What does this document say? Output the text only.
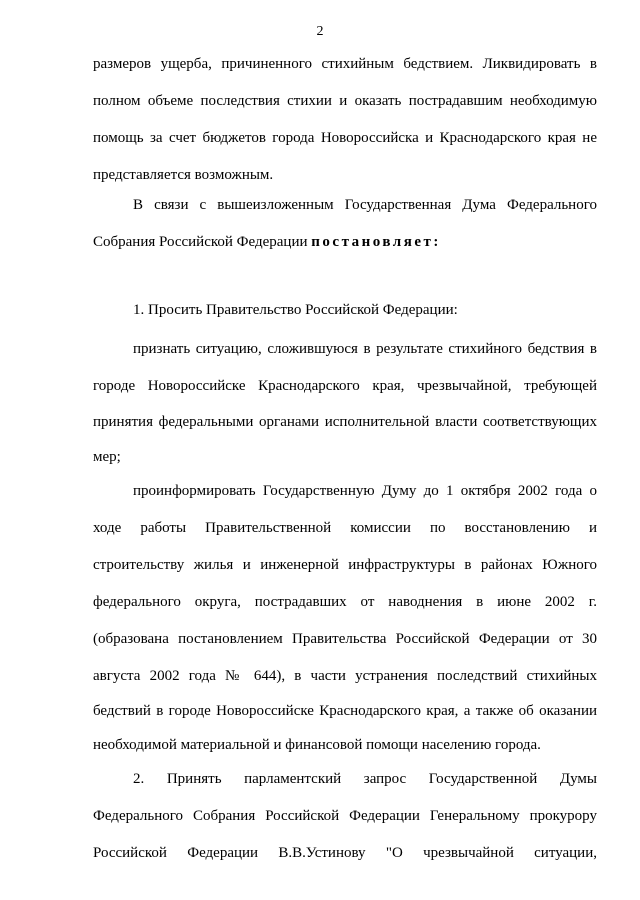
2
размеров ущерба, причиненного стихийным бедствием. Ликвидировать в
полном объеме последствия стихии и оказать пострадавшим необходимую
помощь за счет бюджетов города Новороссийска и Краснодарского края не
представляется возможным.
В связи с вышеизложенным Государственная Дума Федерального
Собрания Российской Федерации постановляет:
1. Просить Правительство Российской Федерации:
признать ситуацию, сложившуюся в результате стихийного бедствия в
городе Новороссийске Краснодарского края, чрезвычайной, требующей
принятия федеральными органами исполнительной власти соответствующих
мер;
проинформировать Государственную Думу до 1 октября 2002 года о
ходе работы Правительственной комиссии по восстановлению и
строительству жилья и инженерной инфраструктуры в районах Южного
федерального округа, пострадавших от наводнения в июне 2002 г.
(образована постановлением Правительства Российской Федерации от 30
августа 2002 года № 644), в части устранения последствий стихийных
бедствий в городе Новороссийске Краснодарского края, а также об оказании
необходимой материальной и финансовой помощи населению города.
2. Принять парламентский запрос Государственной Думы
Федерального Собрания Российской Федерации Генеральному прокурору
Российской Федерации В.В.Устинову "О чрезвычайной ситуации,
